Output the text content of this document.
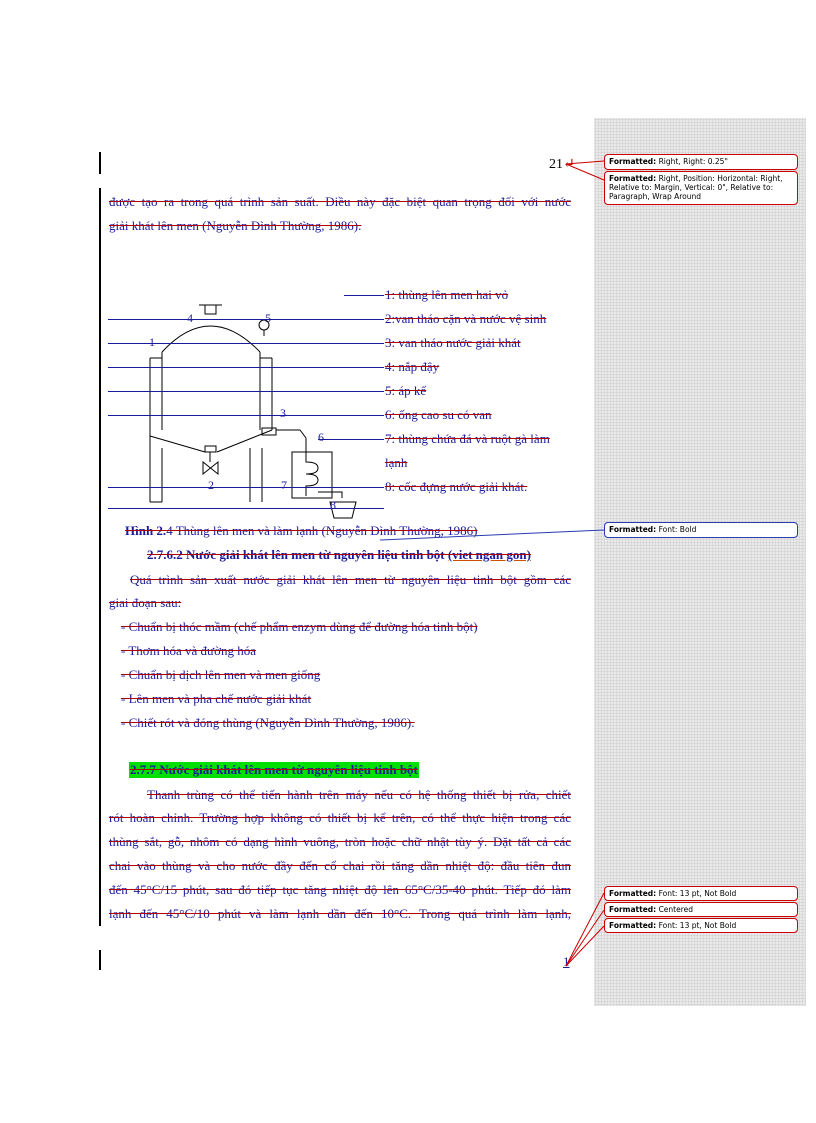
21↵
được tạo ra trong quá trình sản suất. Điều này đặc biệt quan trọng đối với nước
giải khát lên men (Nguyễn Đình Thường, 1986).
4	5
1
3
6
2	7
8
1: thùng lên men hai vỏ
2:van tháo cặn và nước vệ sinh
3: van tháo nước giải khát
4: nắp đậy
5: áp kế
6: ống cao su có van
7: thùng chứa đá và ruột gà làm
lạnh
8: cốc đựng nước giải khát.
Hình 2.4 Thùng lên men và làm lạnh (Nguyễn Đình Thường, 1986)
2.7.6.2 Nước giải khát lên men từ nguyên liệu tinh bột (viet ngan gon)
Quá trình sản xuất nước giải khát lên men từ nguyên liệu tinh bột gồm các
giai đoạn sau:
- Chuẩn bị thóc mầm (chế phẩm enzym dùng để đường hóa tinh bột)
- Thơm hóa và đường hóa
- Chuẩn bị dịch lên men và men giống
- Lên men và pha chế nước giải khát
- Chiết rót và đóng thùng (Nguyễn Đình Thường, 1986).
2.7.7 Nước giải khát lên men từ nguyên liệu tinh bột
Thanh trùng có thể tiến hành trên máy nếu có hệ thống thiết bị rửa, chiết
rót hoàn chỉnh. Trường hợp không có thiết bị kể trên, có thể thực hiện trong các
thùng sắt, gỗ, nhôm có dạng hình vuông, tròn hoặc chữ nhật tùy ý. Đặt tất cả các
chai vào thùng và cho nước đầy đến cổ chai rồi tăng dần nhiệt độ: đầu tiên đun
đến 45°C/15 phút, sau đó tiếp tục tăng nhiệt độ lên 65°C/35-40 phút. Tiếp đó làm
lạnh đến 45°C/10 phút và làm lạnh dần đến 10°C. Trong quá trình làm lạnh,
1
Formatted: Right, Right: 0.25"
Formatted: Right, Position: Horizontal: Right, Relative to: Margin, Vertical: 0", Relative to: Paragraph, Wrap Around
Formatted: Font: Bold
Formatted: Font: 13 pt, Not Bold
Formatted: Centered
Formatted: Font: 13 pt, Not Bold
